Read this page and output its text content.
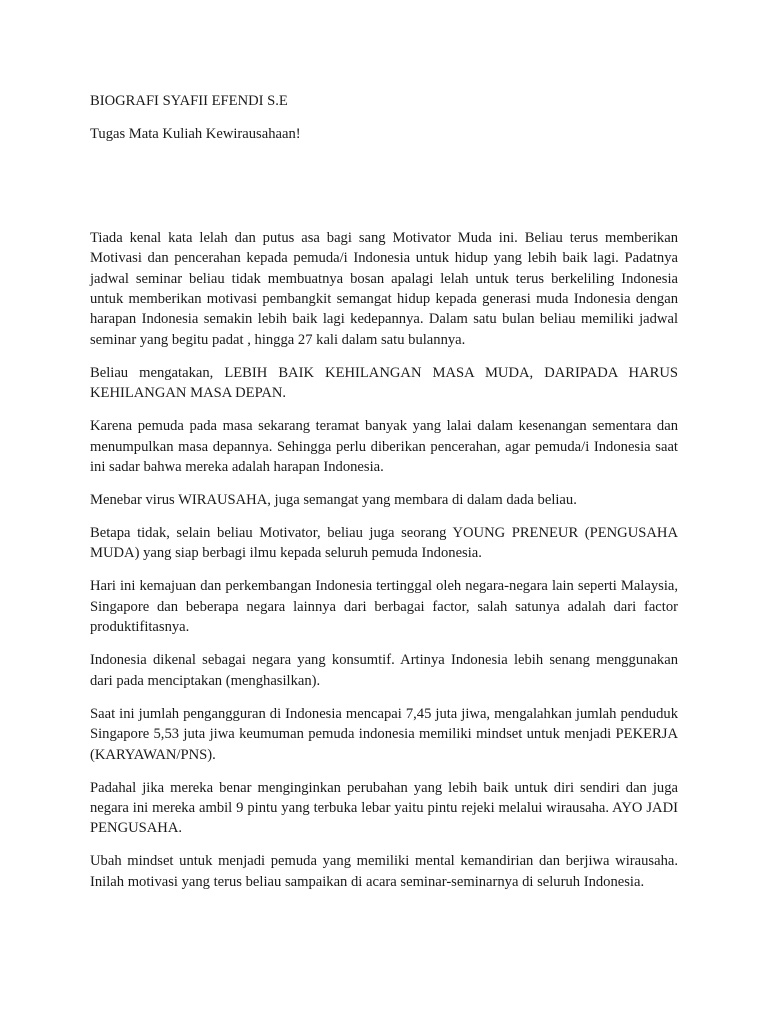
BIOGRAFI SYAFII EFENDI S.E

Tugas Mata Kuliah Kewirausahaan!

Tiada kenal kata lelah dan putus asa bagi sang Motivator Muda ini. Beliau terus memberikan Motivasi dan pencerahan kepada pemuda/i Indonesia untuk hidup yang lebih baik lagi. Padatnya jadwal seminar beliau tidak membuatnya bosan apalagi lelah untuk terus berkeliling Indonesia untuk memberikan motivasi pembangkit semangat hidup kepada generasi muda Indonesia dengan harapan Indonesia semakin lebih baik lagi kedepannya. Dalam satu bulan beliau memiliki jadwal seminar yang begitu padat , hingga 27 kali dalam satu bulannya.

Beliau mengatakan, LEBIH BAIK KEHILANGAN MASA MUDA, DARIPADA HARUS KEHILANGAN MASA DEPAN.

Karena pemuda pada masa sekarang teramat banyak yang lalai dalam kesenangan sementara dan menumpulkan masa depannya. Sehingga perlu diberikan pencerahan, agar pemuda/i Indonesia saat ini sadar bahwa mereka adalah harapan Indonesia.

Menebar virus WIRAUSAHA, juga semangat yang membara di dalam dada beliau.

Betapa tidak, selain beliau Motivator, beliau juga seorang YOUNG PRENEUR (PENGUSAHA MUDA) yang siap berbagi ilmu kepada seluruh pemuda Indonesia.

Hari ini kemajuan dan perkembangan Indonesia tertinggal oleh negara-negara lain seperti Malaysia, Singapore dan beberapa negara lainnya dari berbagai factor, salah satunya adalah dari factor produktifitasnya.

Indonesia dikenal sebagai negara yang konsumtif. Artinya Indonesia lebih senang menggunakan dari pada menciptakan (menghasilkan).

Saat ini jumlah pengangguran di Indonesia mencapai 7,45 juta jiwa, mengalahkan jumlah penduduk Singapore 5,53 juta jiwa keumuman pemuda indonesia memiliki mindset untuk menjadi PEKERJA (KARYAWAN/PNS).

Padahal jika mereka benar menginginkan perubahan yang lebih baik untuk diri sendiri dan juga negara ini mereka ambil 9 pintu yang terbuka lebar yaitu pintu rejeki melalui wirausaha. AYO JADI PENGUSAHA.

Ubah mindset untuk menjadi pemuda yang memiliki mental kemandirian dan berjiwa wirausaha. Inilah motivasi yang terus beliau sampaikan di acara seminar-seminarnya di seluruh Indonesia.
